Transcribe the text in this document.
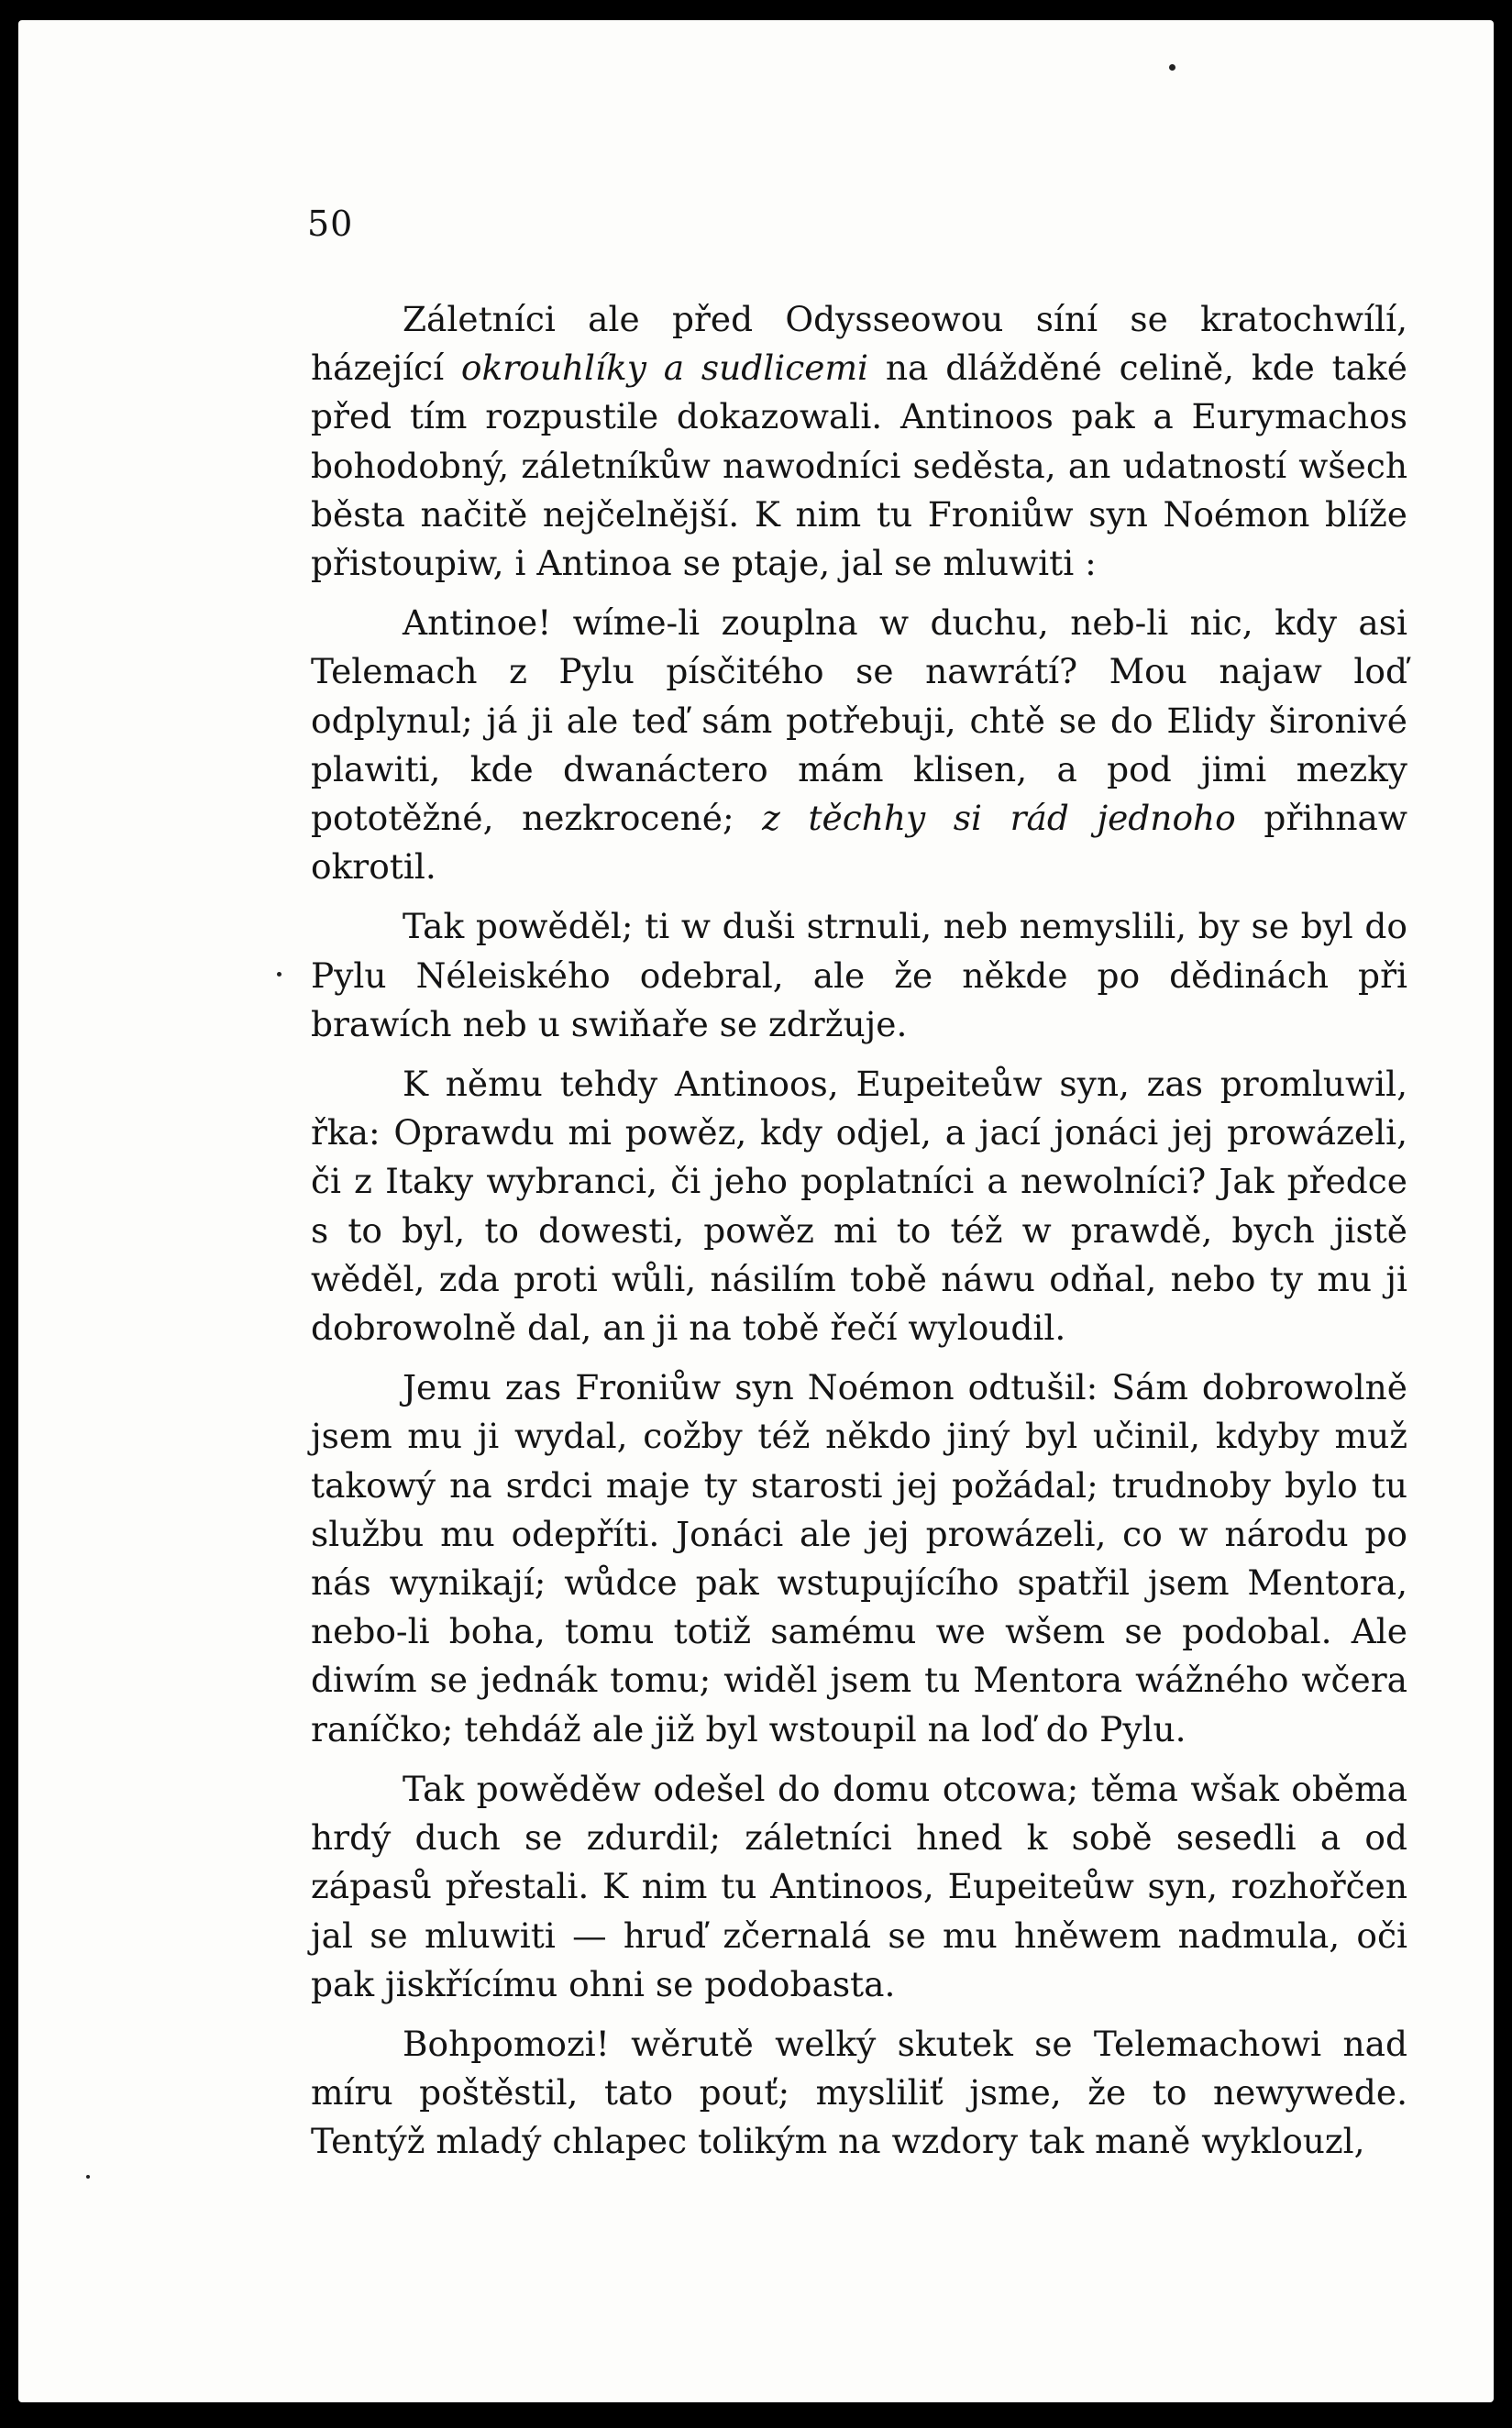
50

Záletníci ale před Odysseowou síní se kratochwílí, házející okrouhlíky a sudlicemi na dlážděné celině, kde také před tím rozpustile dokazowali. Antinoos pak a Eurymachos bohodobný, záletníkůw nawodníci seděsta, an udatností wšech běsta načitě nejčelnější. K nim tu Froniůw syn Noémon blíže přistoupiw, i Antinoa se ptaje, jal se mluwiti :

Antinoe! wíme-li zouplna w duchu, neb-li nic, kdy asi Telemach z Pylu písčitého se nawrátí? Mou najaw loď odplynul; já ji ale teď sám potřebuji, chtě se do Elidy šironivé plawiti, kde dwanáctero mám klisen, a pod jimi mezky pototěžné, nezkrocené; z těchhy si rád jednoho přihnaw okrotil.

Tak powěděl; ti w duši strnuli, neb nemyslili, by se byl do Pylu Néleiského odebral, ale že někde po dědinách při brawích neb u swiňaře se zdržuje.

K němu tehdy Antinoos, Eupeiteůw syn, zas promluwil, řka: Oprawdu mi powěz, kdy odjel, a jací jonáci jej prowázeli, či z Itaky wybranci, či jeho poplatníci a newolníci? Jak předce s to byl, to dowesti, powěz mi to též w prawdě, bych jistě wěděl, zda proti wůli, násilím tobě náwu odňal, nebo ty mu ji dobrowolně dal, an ji na tobě řečí wyloudil.

Jemu zas Froniůw syn Noémon odtušil: Sám dobrowolně jsem mu ji wydal, cožby též někdo jiný byl učinil, kdyby muž takowý na srdci maje ty starosti jej požádal; trudnoby bylo tu službu mu odepříti. Jonáci ale jej prowázeli, co w národu po nás wynikají; wůdce pak wstupujícího spatřil jsem Mentora, nebo-li boha, tomu totiž samému we wšem se podobal. Ale diwím se jednák tomu; widěl jsem tu Mentora wážného wčera raníčko; tehdáž ale již byl wstoupil na loď do Pylu.

Tak powěděw odešel do domu otcowa; těma wšak oběma hrdý duch se zdurdil; záletníci hned k sobě sesedli a od zápasů přestali. K nim tu Antinoos, Eupeiteůw syn, rozhořčen jal se mluwiti — hruď zčernalá se mu hněwem nadmula, oči pak jiskřícímu ohni se podobasta.

Bohpomozi! wěrutě welký skutek se Telemachowi nad míru poštěstil, tato pouť; mysliliť jsme, že to newywede. Tentýž mladý chlapec tolikým na wzdory tak maně wyklouzl,
